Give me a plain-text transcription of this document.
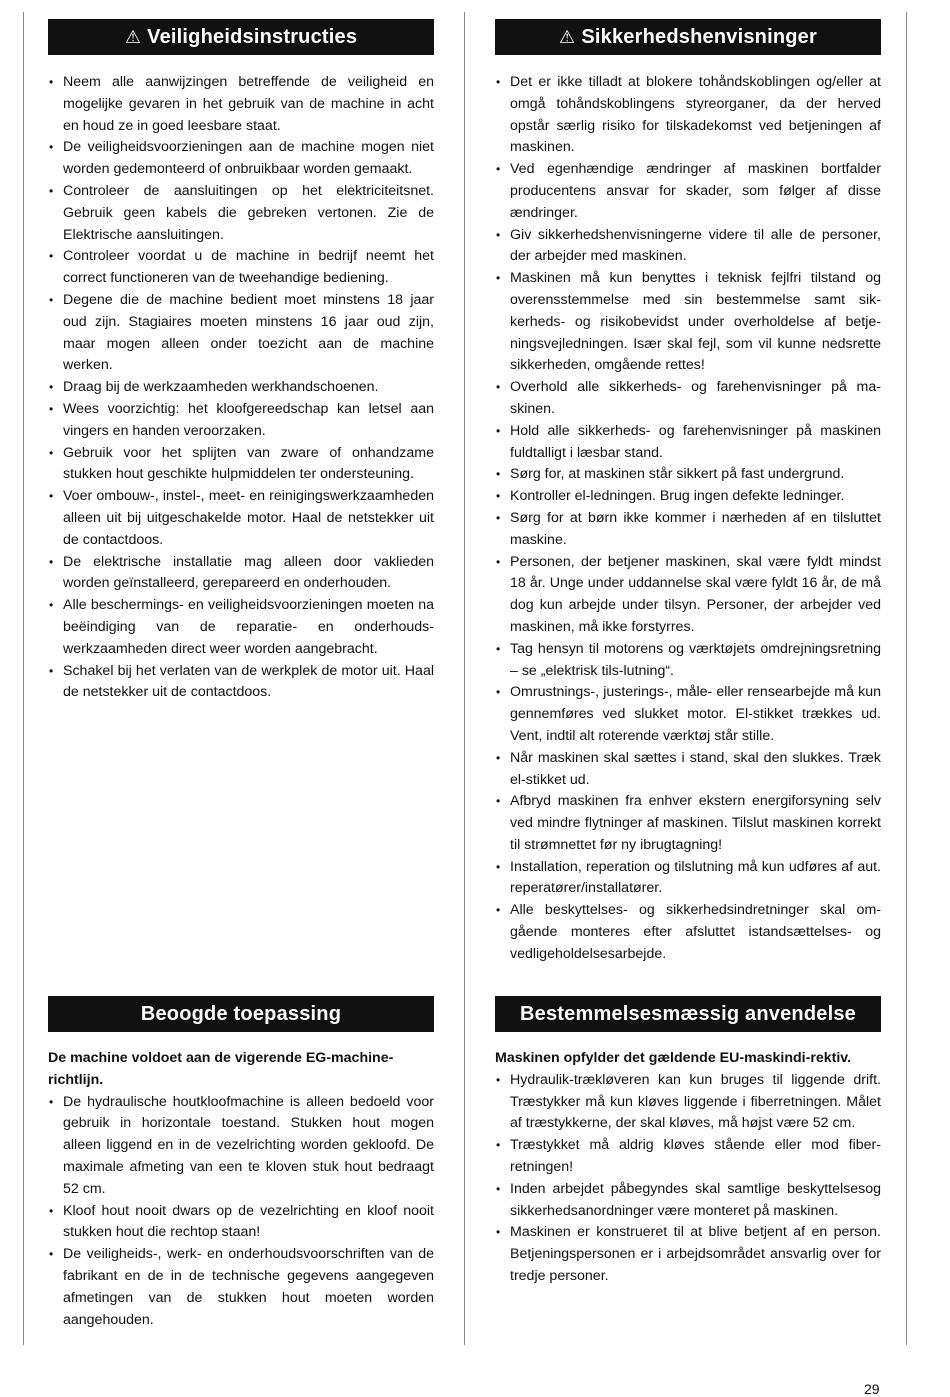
⚠ Veiligheidsinstructies
• Neem alle aanwijzingen betreffende de veiligheid en mogelijke gevaren in het gebruik van de machine in acht en houd ze in goed leesbare staat.
• De veiligheidsvoorzieningen aan de machine mogen niet worden gedemonteerd of onbruikbaar worden gemaakt.
• Controleer de aansluitingen op het elektriciteitsnet. Gebruik geen kabels die gebreken vertonen. Zie de Elektrische aansluitingen.
• Controleer voordat u de machine in bedrijf neemt het correct functioneren van de tweehandige bediening.
• Degene die de machine bedient moet minstens 18 jaar oud zijn. Stagiaires moeten minstens 16 jaar oud zijn, maar mogen alleen onder toezicht aan de machine werken.
• Draag bij de werkzaamheden werkhandschoenen.
• Wees voorzichtig: het kloofgereedschap kan letsel aan vingers en handen veroorzaken.
• Gebruik voor het splijten van zware of onhandzame stukken hout geschikte hulpmiddelen ter ondersteuning.
• Voer ombouw-, instel-, meet- en reinigingswerkzaamheden alleen uit bij uitgeschakelde motor. Haal de netstekker uit de contactdoos.
• De elektrische installatie mag alleen door vaklieden worden geïnstalleerd, gerepareerd en onderhouden.
• Alle beschermings- en veiligheidsvoorzieningen moeten na beëindiging van de reparatie- en onderhoudswerkzaamheden direct weer worden aangebracht.
• Schakel bij het verlaten van de werkplek de motor uit. Haal de netstekker uit de contactdoos.
⚠ Sikkerhedshenvisninger
• Det er ikke tilladt at blokere tohåndskoblingen og/eller at omgå tohåndskoblingens styreorganer, da der herved opstår særlig risiko for tilskadekomst ved betjeningen af maskinen.
• Ved egenhændige ændringer af maskinen bortfalder producentens ansvar for skader, som følger af disse ændringer.
• Giv sikkerhedshenvisningerne videre til alle de personer, der arbejder med maskinen.
• Maskinen må kun benyttes i teknisk fejlfri tilstand og overensstemmelse med sin bestemmelse samt sikkerheds- og risikobevidst under overholdelse af betjeningsvejledningen. Især skal fejl, som vil kunne nedsrette sikkerheden, omgående rettes!
• Overhold alle sikkerheds- og farehenvisninger på maskinen.
• Hold alle sikkerheds- og farehenvisninger på maskinen fuldtalligt i læsbar stand.
• Sørg for, at maskinen står sikkert på fast undergrund.
• Kontroller el-ledningen. Brug ingen defekte ledninger.
• Sørg for at børn ikke kommer i nærheden af en tilsluttet maskine.
• Personen, der betjener maskinen, skal være fyldt mindst 18 år. Unge under uddannelse skal være fyldt 16 år, de må dog kun arbejde under tilsyn. Personer, der arbejder ved maskinen, må ikke forstyrres.
• Tag hensyn til motorens og værktøjets omdrejningsretning – se „elektrisk tils-lutning“.
• Omrustnings-, justerings-, måle- eller rensearbejde må kun gennemføres ved slukket motor. El-stikket trækkes ud. Vent, indtil alt roterende værktøj står stille.
• Når maskinen skal sættes i stand, skal den slukkes. Træk el-stikket ud.
• Afbryd maskinen fra enhver ekstern energiforsyning selv ved mindre flytninger af maskinen. Tilslut maskinen korrekt til strømnettet før ny ibrugtagning!
• Installation, reperation og tilslutning må kun udføres af aut. reperatører/installatører.
• Alle beskyttelses- og sikkerhedsindretninger skal omgående monteres efter afsluttet istandsættelses- og vedligeholdelsesarbejde.
Beoogde toepassing

De machine voldoet aan de vigerende EG-machinerichtlijn.

• De hydraulische houtkloofmachine is alleen bedoeld voor gebruik in horizontale toestand. Stukken hout mogen alleen liggend en in de vezelrichting worden gekloofd. De maximale afmeting van een te kloven stuk hout bedraagt 52 cm.
• Kloof hout nooit dwars op de vezelrichting en kloof nooit stukken hout die rechtop staan!
• De veiligheids-, werk- en onderhoudsvoorschriften van de fabrikant en de in de technische gegevens aangegeven afmetingen van de stukken hout moeten worden aangehouden.
Bestemmelsesmæssig anvendelse

Maskinen opfylder det gældende EU-maskindi-rektiv.

• Hydraulik-trækløveren kan kun bruges til liggende drift. Træstykker må kun kløves liggende i fiberretningen. Målet af træstykkerne, der skal kløves, må højst være 52 cm.
• Træstykket må aldrig kløves stående eller mod fiberretningen!
• Inden arbejdet påbegyndes skal samtlige beskyttelsesog sikkerhedsanordninger være monteret på maskinen.
• Maskinen er konstrueret til at blive betjent af en person. Betjeningspersonen er i arbejdsområdet ansvarlig over for tredje personer.
29
